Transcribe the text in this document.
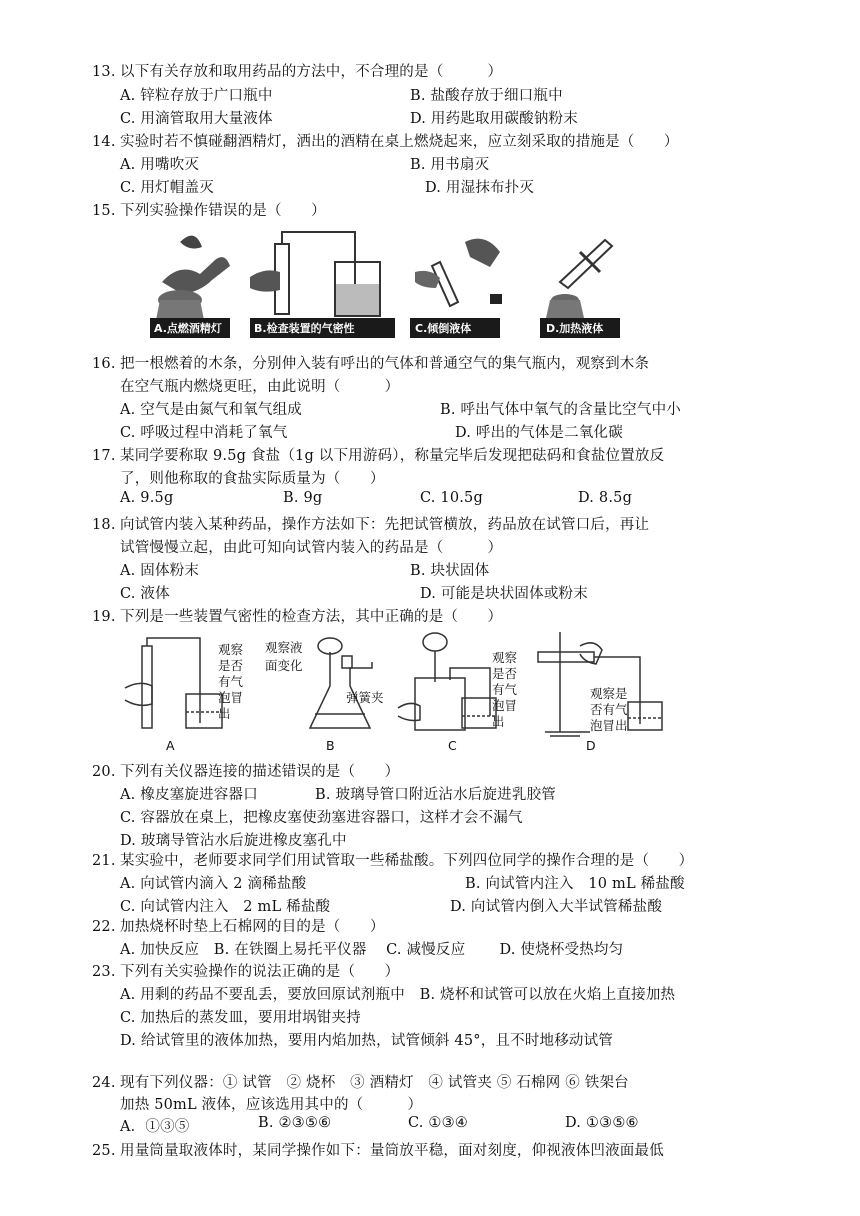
13. 以下有关存放和取用药品的方法中，不合理的是（　　　）
A. 锌粒存放于广口瓶中	B. 盐酸存放于细口瓶中
C. 用滴管取用大量液体	D. 用药匙取用碳酸钠粉末
14. 实验时若不慎碰翻酒精灯，洒出的酒精在桌上燃烧起来，应立刻采取的措施是（　　）
A. 用嘴吹灭	B. 用书扇灭
C. 用灯帽盖灭	D. 用湿抹布扑灭
15. 下列实验操作错误的是（　　）
A.点燃酒精灯	B.检查装置的气密性	C.倾倒液体	D.加热液体
16. 把一根燃着的木条，分别伸入装有呼出的气体和普通空气的集气瓶内，观察到木条
在空气瓶内燃烧更旺，由此说明（　　　）
A. 空气是由氮气和氧气组成	B. 呼出气体中氧气的含量比空气中小
C. 呼吸过程中消耗了氧气	D. 呼出的气体是二氧化碳
17. 某同学要称取 9.5g 食盐（1g 以下用游码），称量完毕后发现把砝码和食盐位置放反
了，则他称取的食盐实际质量为（　　）
A. 9.5g	B. 9g	C. 10.5g	D. 8.5g
18. 向试管内装入某种药品，操作方法如下：先把试管横放，药品放在试管口后，再让
试管慢慢立起，由此可知向试管内装入的药品是（　　　）
A. 固体粉末	B. 块状固体
C. 液体	D. 可能是块状固体或粉末
19. 下列是一些装置气密性的检查方法，其中正确的是（　　）
观察
是否
有气
泡冒
出
观察液
面变化
弹簧夹
观察
是否
有气
泡冒
出
观察是
否有气
泡冒出
A	B	C	D
20. 下列有关仪器连接的描述错误的是（　　）
A. 橡皮塞旋进容器口	B. 玻璃导管口附近沾水后旋进乳胶管
C. 容器放在桌上，把橡皮塞使劲塞进容器口，这样才会不漏气
D. 玻璃导管沾水后旋进橡皮塞孔中
21. 某实验中，老师要求同学们用试管取一些稀盐酸。下列四位同学的操作合理的是（　　）
A. 向试管内滴入 2 滴稀盐酸	B. 向试管内注入　10 mL 稀盐酸
C. 向试管内注入　2 mL 稀盐酸	D. 向试管内倒入大半试管稀盐酸
22. 加热烧杯时垫上石棉网的目的是（　　）
A. 加快反应　B. 在铁圈上易托平仪器　 C. 减慢反应　　 D. 使烧杯受热均匀
23. 下列有关实验操作的说法正确的是（　　）
A. 用剩的药品不要乱丢，要放回原试剂瓶中　B. 烧杯和试管可以放在火焰上直接加热
C. 加热后的蒸发皿，要用坩埚钳夹持
D. 给试管里的液体加热，要用内焰加热，试管倾斜 45°，且不时地移动试管
24. 现有下列仪器：① 试管　② 烧杯　③ 酒精灯　④ 试管夹 ⑤ 石棉网 ⑥ 铁架台
加热 50mL 液体，应该选用其中的（　　　）
A．①③⑤	B. ②③⑤⑥	C. ①③④	D. ①③⑤⑥
25. 用量筒量取液体时，某同学操作如下：量筒放平稳，面对刻度，仰视液体凹液面最低
